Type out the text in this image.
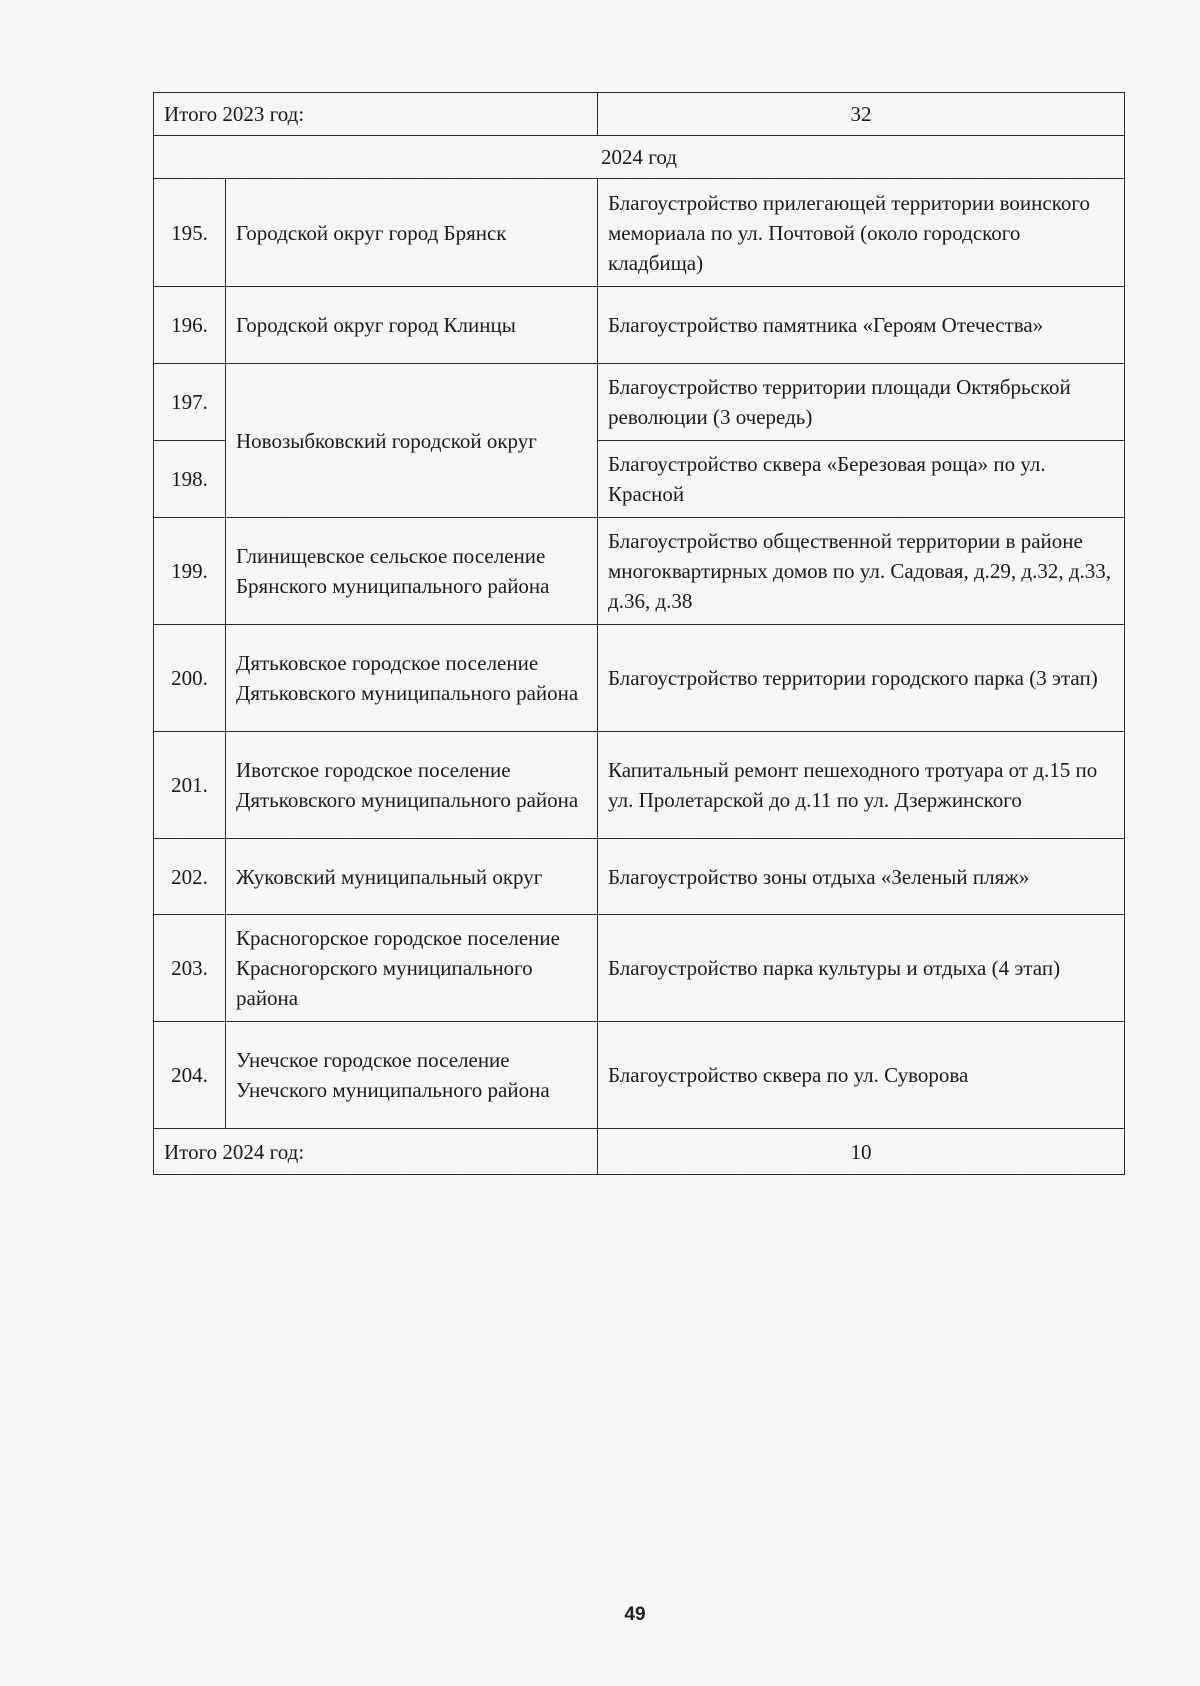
Итого 2023 год:		32
2024 год		
195.	Городской округ город Брянск	Благоустройство прилегающей территории воинского мемориала по ул. Почтовой (около городского кладбища)
196.	Городской округ город Клинцы	Благоустройство памятника «Героям Отечества»
197.	Новозыбковский городской округ	Благоустройство территории площади Октябрьской революции (3 очередь)
198.		Благоустройство сквера «Березовая роща» по ул. Красной
199.	Глинищевское сельское поселение Брянского муниципального района	Благоустройство общественной территории в районе многоквартирных домов по ул. Садовая, д.29, д.32, д.33, д.36, д.38
200.	Дятьковское городское поселение Дятьковского муниципального района	Благоустройство территории городского парка (3 этап)
201.	Ивотское городское поселение Дятьковского муниципального района	Капитальный ремонт пешеходного тротуара от д.15 по ул. Пролетарской до д.11 по ул. Дзержинского
202.	Жуковский муниципальный округ	Благоустройство зоны отдыха «Зеленый пляж»
203.	Красногорское городское поселение Красногорского муниципального района	Благоустройство парка культуры и отдыха (4 этап)
204.	Унечское городское поселение Унечского муниципального района	Благоустройство сквера по ул. Суворова
Итого 2024 год:		10
49
